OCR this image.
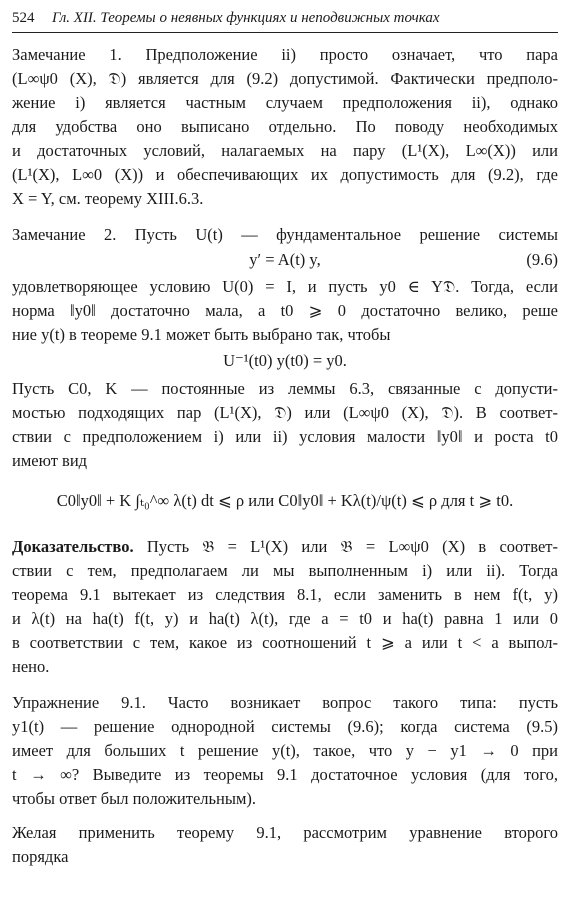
524 Гл. XII. Теоремы о неявных функциях и неподвижных точках
Замечание 1. Предположение ii) просто означает, что пара
(L∞ψ0 (X), 𝔇) является для (9.2) допустимой. Фактически предполо-
жение i) является частным случаем предположения ii), однако
для удобства оно выписано отдельно. По поводу необходимых
и достаточных условий, налагаемых на пару (L¹(X), L∞(X)) или
(L¹(X), L∞0 (X)) и обеспечивающих их допустимость для (9.2), где
X = Y, см. теорему XIII.6.3.
Замечание 2. Пусть U(t) — фундаментальное решение системы
y′ = A(t) y,	(9.6)
удовлетворяющее условию U(0) = I, и пусть y0 ∈ Y𝔇. Тогда, если
норма ‖y0‖ достаточно мала, а t0 ⩾ 0 достаточно велико, реше
ние y(t) в теореме 9.1 может быть выбрано так, чтобы
U⁻¹(t0) y(t0) = y0.
Пусть C0, K — постоянные из леммы 6.3, связанные с допусти-
мостью подходящих пар (L¹(X), 𝔇) или (L∞ψ0 (X), 𝔇). В соответ-
ствии с предположением i) или ii) условия малости ‖y0‖ и роста t0
имеют вид
C0‖y0‖ + K ∫ₜ₀^∞ λ(t) dt ⩽ ρ или C0‖y0‖ + Kλ(t)/ψ(t) ⩽ ρ для t ⩾ t0.
Доказательство. Пусть 𝔅 = L¹(X) или 𝔅 = L∞ψ0 (X) в соответ-
ствии с тем, предполагаем ли мы выполненным i) или ii). Тогда
теорема 9.1 вытекает из следствия 8.1, если заменить в нем f(t, y)
и λ(t) на ha(t) f(t, y) и ha(t) λ(t), где a = t0 и ha(t) равна 1 или 0
в соответствии с тем, какое из соотношений t ⩾ a или t < a выпол-
нено.
Упражнение 9.1. Часто возникает вопрос такого типа: пусть
y1(t) — решение однородной системы (9.6); когда система (9.5)
имеет для больших t решение y(t), такое, что y − y1 → 0 при
t → ∞? Выведите из теоремы 9.1 достаточное условия (для того,
чтобы ответ был положительным).
Желая применить теорему 9.1, рассмотрим уравнение второго
порядка
